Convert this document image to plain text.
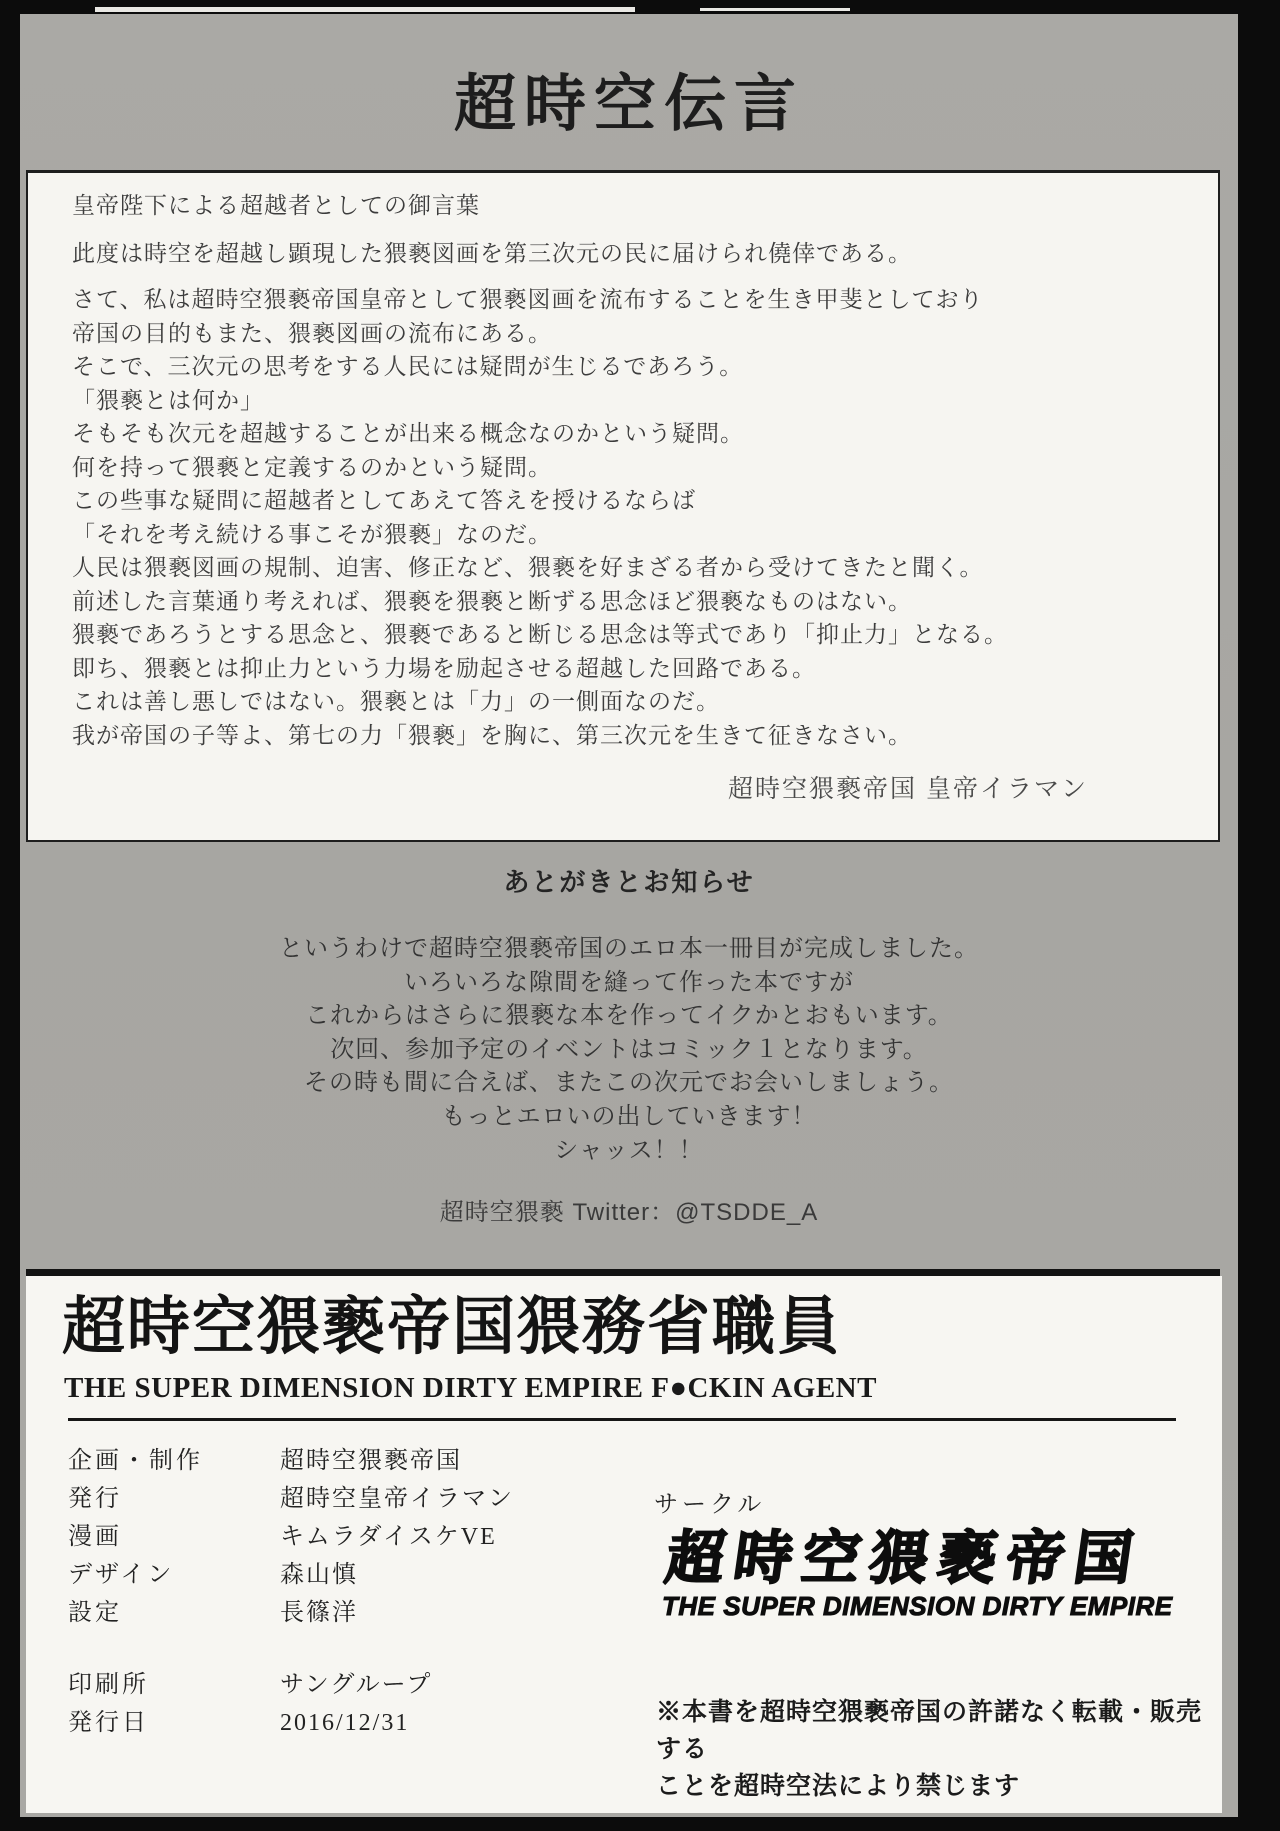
超時空伝言
皇帝陛下による超越者としての御言葉
此度は時空を超越し顕現した猥褻図画を第三次元の民に届けられ僥倖である。

さて、私は超時空猥褻帝国皇帝として猥褻図画を流布することを生き甲斐としており

帝国の目的もまた、猥褻図画の流布にある。

そこで、三次元の思考をする人民には疑問が生じるであろう。

「猥褻とは何か」

そもそも次元を超越することが出来る概念なのかという疑問。

何を持って猥褻と定義するのかという疑問。

この些事な疑問に超越者としてあえて答えを授けるならば

「それを考え続ける事こそが猥褻」なのだ。

人民は猥褻図画の規制、迫害、修正など、猥褻を好まざる者から受けてきたと聞く。

前述した言葉通り考えれば、猥褻を猥褻と断ずる思念ほど猥褻なものはない。

猥褻であろうとする思念と、猥褻であると断じる思念は等式であり「抑止力」となる。

即ち、猥褻とは抑止力という力場を励起させる超越した回路である。

これは善し悪しではない。猥褻とは「力」の一側面なのだ。

我が帝国の子等よ、第七の力「猥褻」を胸に、第三次元を生きて征きなさい。

超時空猥褻帝国 皇帝イラマン
あとがきとお知らせ

というわけで超時空猥褻帝国のエロ本一冊目が完成しました。

いろいろな隙間を縫って作った本ですが

これからはさらに猥褻な本を作ってイクかとおもいます。

次回、参加予定のイベントはコミック１となります。

その時も間に合えば、またこの次元でお会いしましょう。

もっとエロいの出していきます！

シャッス！！

超時空猥褻 Twitter：@TSDDE_A
超時空猥褻帝国猥務省職員
THE SUPER DIMENSION DIRTY EMPIRE F●CKIN AGENT
企画・制作	超時空猥褻帝国
発行	超時空皇帝イラマン
漫画	キムラダイスケVE
デザイン	森山慎
設定	長篠洋
印刷所	サングループ
発行日	2016/12/31
サークル
超時空猥褻帝国
THE SUPER DIMENSION DIRTY EMPIRE

※本書を超時空猥褻帝国の許諾なく転載・販売する

ことを超時空法により禁じます
